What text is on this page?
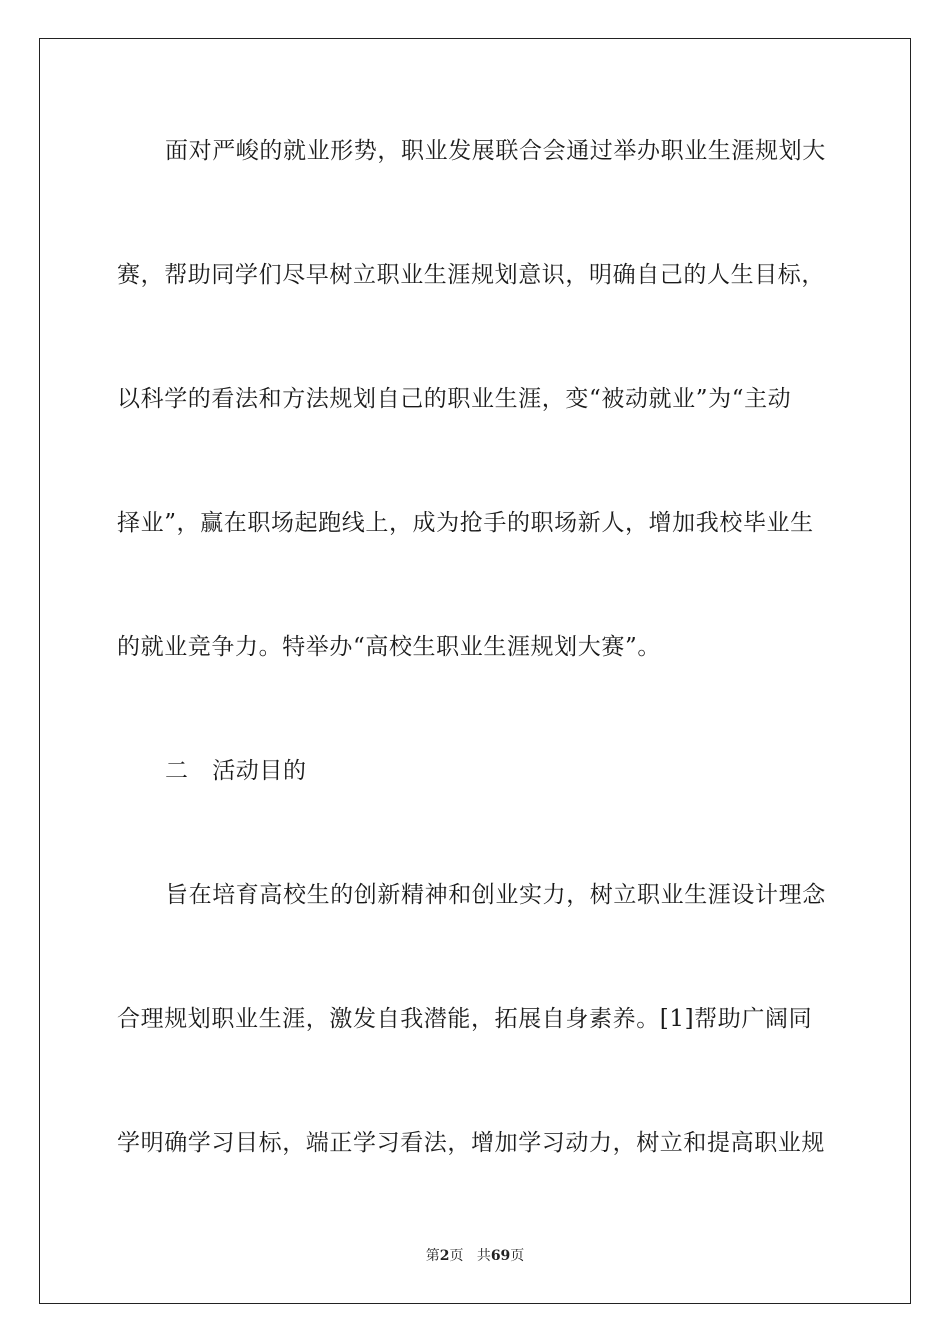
面对严峻的就业形势，职业发展联合会通过举办职业生涯规划大
赛，帮助同学们尽早树立职业生涯规划意识，明确自己的人生目标，
以科学的看法和方法规划自己的职业生涯，变“被动就业”为“主动
择业”，赢在职场起跑线上，成为抢手的职场新人，增加我校毕业生
的就业竞争力。特举办“高校生职业生涯规划大赛”。
二　活动目的
旨在培育高校生的创新精神和创业实力，树立职业生涯设计理念
合理规划职业生涯，激发自我潜能，拓展自身素养。[1]帮助广阔同
学明确学习目标，端正学习看法，增加学习动力，树立和提高职业规
第2页 共69页
